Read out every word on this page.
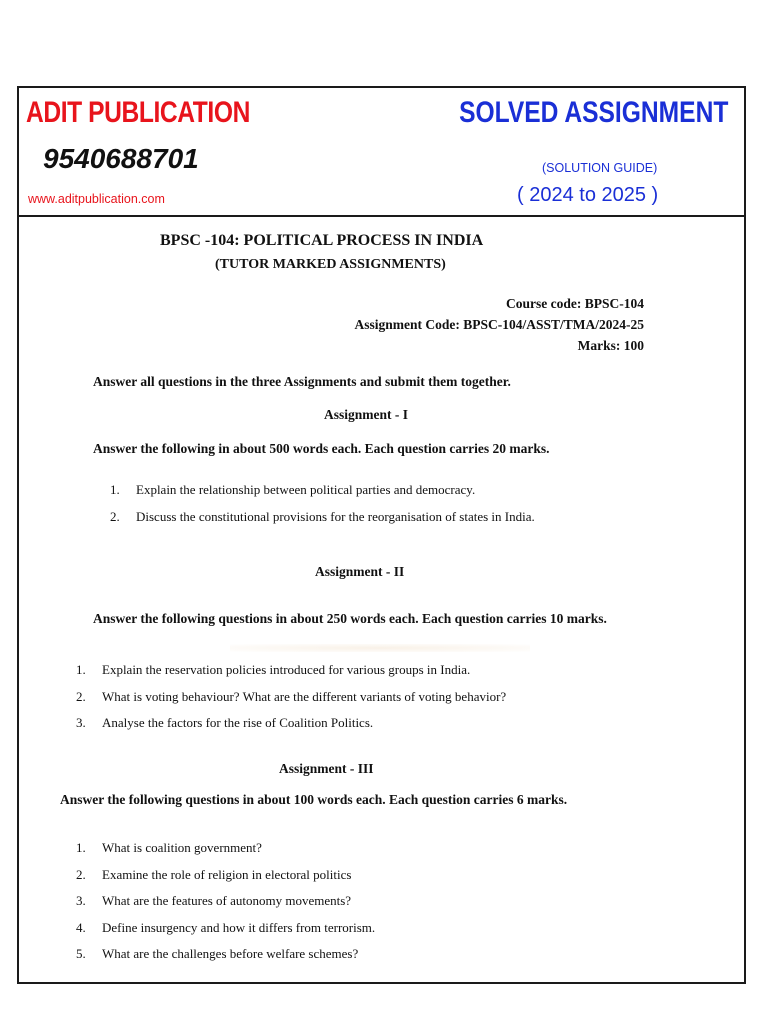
ADIT PUBLICATION
9540688701
www.aditpublication.com
SOLVED ASSIGNMENT
(SOLUTION GUIDE)
( 2024 to 2025 )
BPSC -104: POLITICAL PROCESS IN INDIA
(TUTOR MARKED ASSIGNMENTS)
Course code: BPSC-104
Assignment Code: BPSC-104/ASST/TMA/2024-25
Marks: 100
Answer all questions in the three Assignments and submit them together.
Assignment - I
Answer the following in about 500 words each. Each question carries 20 marks.
1.	Explain the relationship between political parties and democracy.
2.	Discuss the constitutional provisions for the reorganisation of states in India.
Assignment - II
Answer the following questions in about 250 words each. Each question carries 10 marks.
1.	Explain the reservation policies introduced for various groups in India.
2.	What is voting behaviour? What are the different variants of voting behavior?
3.	Analyse the factors for the rise of Coalition Politics.
Assignment - III
Answer the following questions in about 100 words each. Each question carries 6 marks.
1.	What is coalition government?
2.	Examine the role of religion in electoral politics
3.	What are the features of autonomy movements?
4.	Define insurgency and how it differs from terrorism.
5.	What are the challenges before welfare schemes?
